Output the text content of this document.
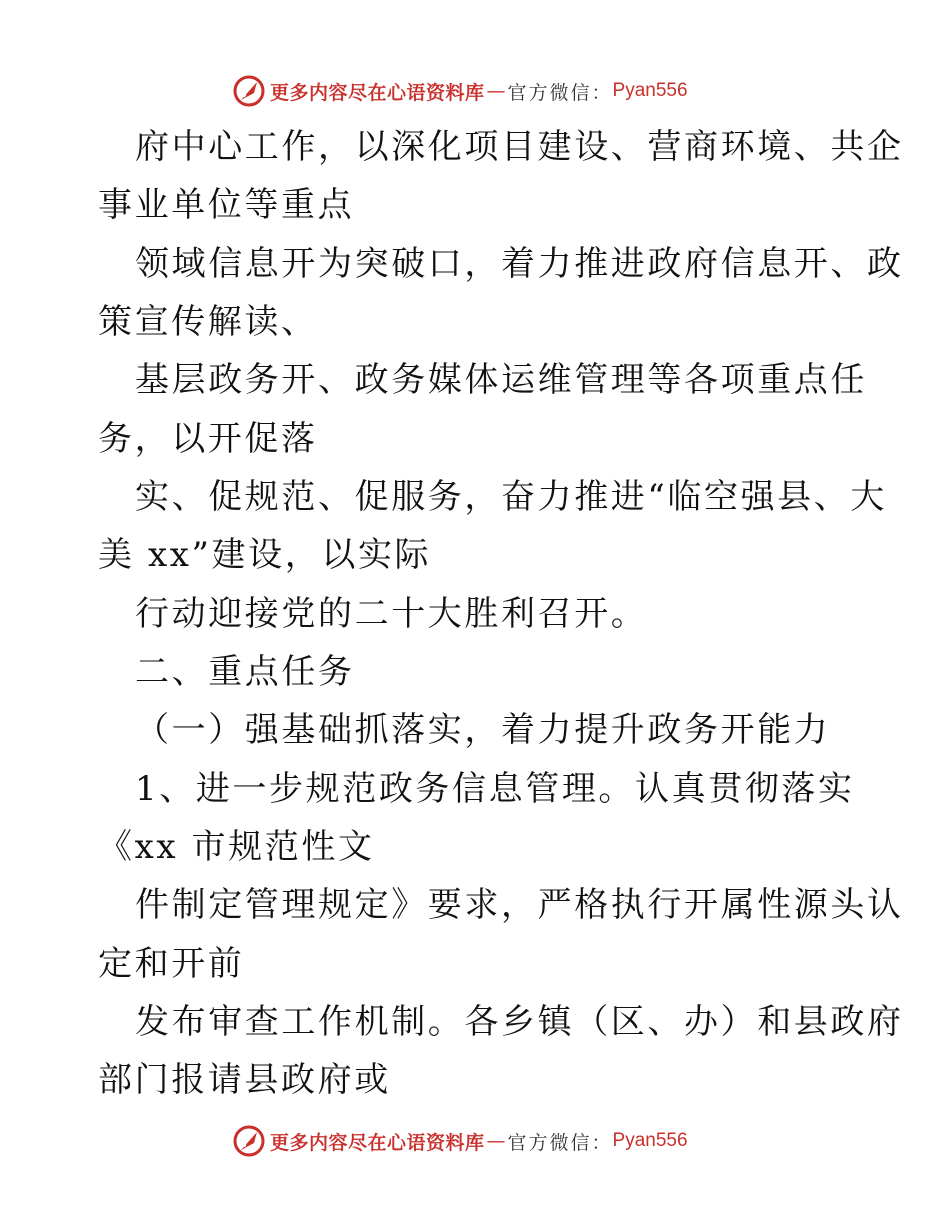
更多内容尽在心语资料库 — 官方微信： Pyan556
府中心工作，以深化项目建设、营商环境、共企
事业单位等重点
领域信息开为突破口，着力推进政府信息开、政
策宣传解读、
基层政务开、政务媒体运维管理等各项重点任
务，以开促落
实、促规范、促服务，奋力推进“临空强县、大
美 xx”建设，以实际
行动迎接党的二十大胜利召开。
二、重点任务
（一）强基础抓落实，着力提升政务开能力
1、进一步规范政务信息管理。认真贯彻落实
《xx 市规范性文
件制定管理规定》要求，严格执行开属性源头认
定和开前
发布审查工作机制。各乡镇（区、办）和县政府
部门报请县政府或
更多内容尽在心语资料库 — 官方微信： Pyan556
